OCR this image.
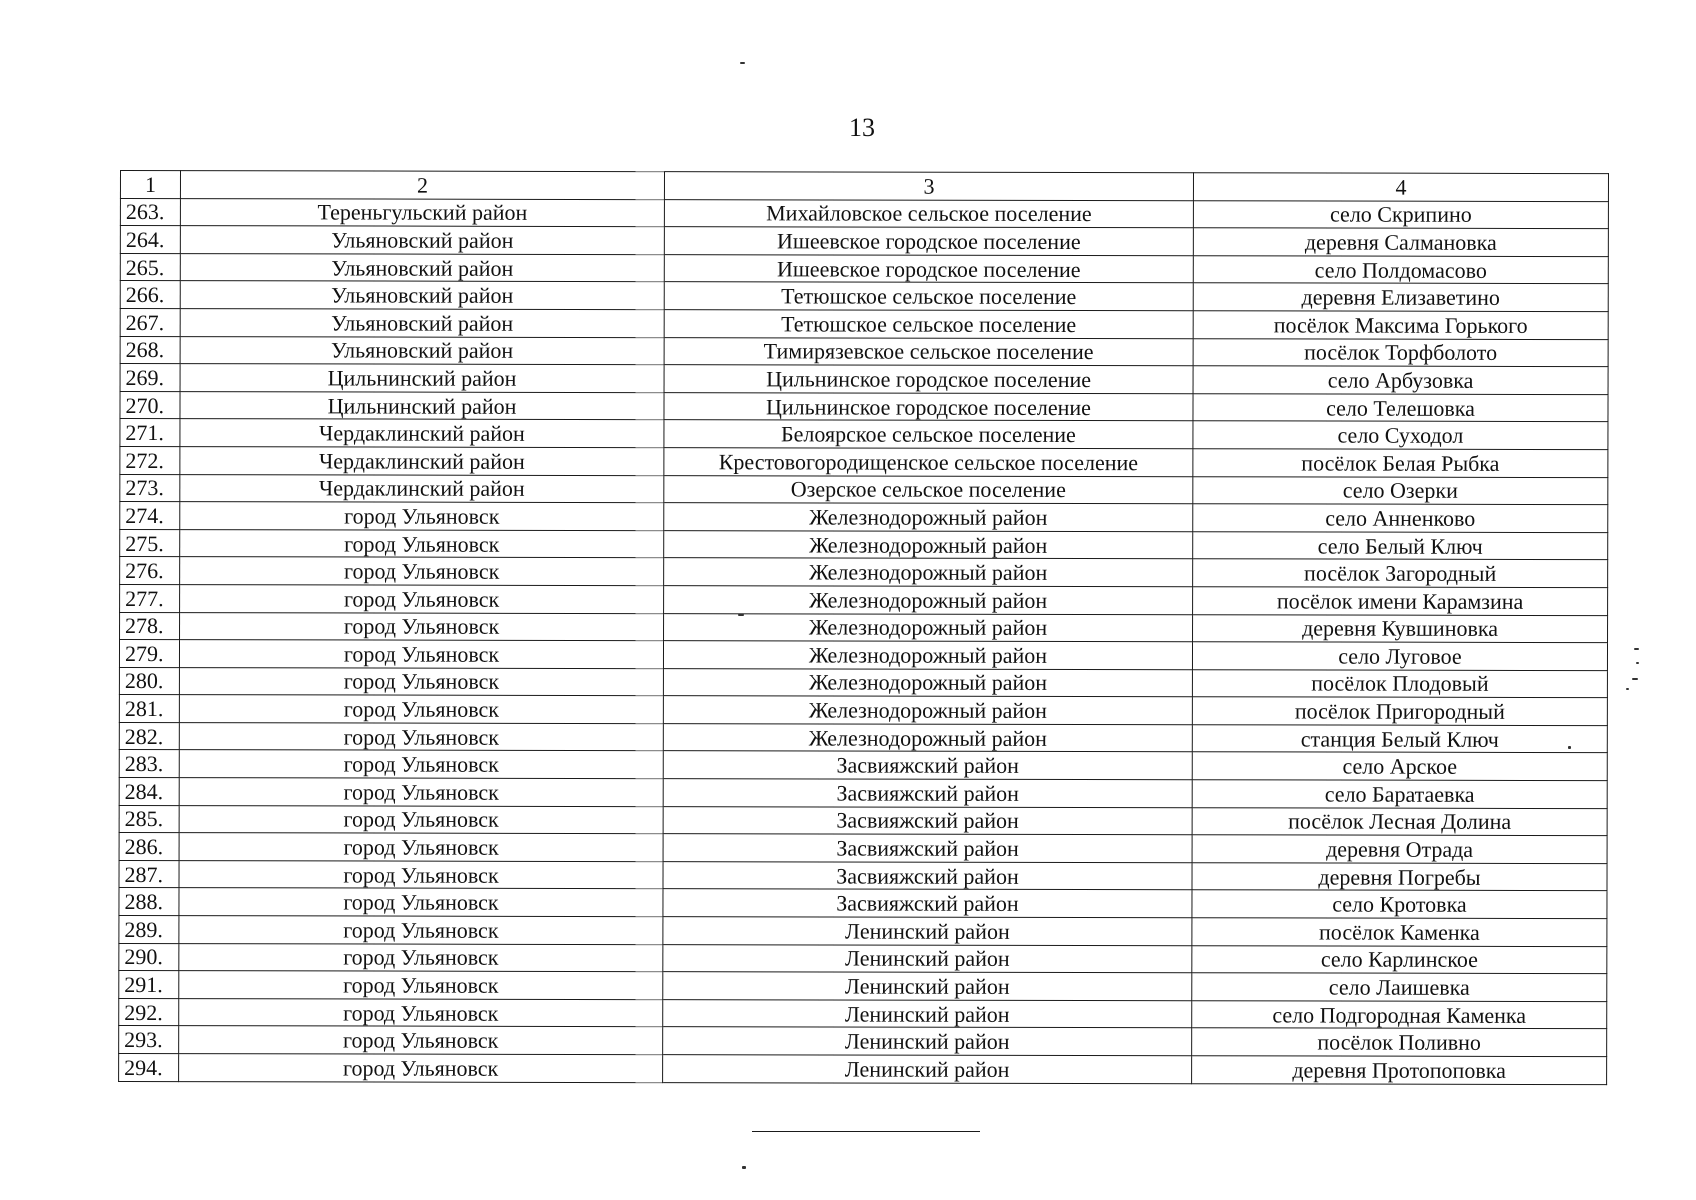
13
1	2	3	4
263.	Тереньгульский район	Михайловское сельское поселение	село Скрипино
264.	Ульяновский район	Ишеевское городское поселение	деревня Салмановка
265.	Ульяновский район	Ишеевское городское поселение	село Полдомасово
266.	Ульяновский район	Тетюшское сельское поселение	деревня Елизаветино
267.	Ульяновский район	Тетюшское сельское поселение	посёлок Максима Горького
268.	Ульяновский район	Тимирязевское сельское поселение	посёлок Торфболото
269.	Цильнинский район	Цильнинское городское поселение	село Арбузовка
270.	Цильнинский район	Цильнинское городское поселение	село Телешовка
271.	Чердаклинский район	Белоярское сельское поселение	село Суходол
272.	Чердаклинский район	Крестовогородищенское сельское поселение	посёлок Белая Рыбка
273.	Чердаклинский район	Озерское сельское поселение	село Озерки
274.	город Ульяновск	Железнодорожный район	село Анненково
275.	город Ульяновск	Железнодорожный район	село Белый Ключ
276.	город Ульяновск	Железнодорожный район	посёлок Загородный
277.	город Ульяновск	Железнодорожный район	посёлок имени Карамзина
278.	город Ульяновск	Железнодорожный район	деревня Кувшиновка
279.	город Ульяновск	Железнодорожный район	село Луговое
280.	город Ульяновск	Железнодорожный район	посёлок Плодовый
281.	город Ульяновск	Железнодорожный район	посёлок Пригородный
282.	город Ульяновск	Железнодорожный район	станция Белый Ключ
283.	город Ульяновск	Засвияжский район	село Арское
284.	город Ульяновск	Засвияжский район	село Баратаевка
285.	город Ульяновск	Засвияжский район	посёлок Лесная Долина
286.	город Ульяновск	Засвияжский район	деревня Отрада
287.	город Ульяновск	Засвияжский район	деревня Погребы
288.	город Ульяновск	Засвияжский район	село Кротовка
289.	город Ульяновск	Ленинский район	посёлок Каменка
290.	город Ульяновск	Ленинский район	село Карлинское
291.	город Ульяновск	Ленинский район	село Лаишевка
292.	город Ульяновск	Ленинский район	село Подгородная Каменка
293.	город Ульяновск	Ленинский район	посёлок Поливно
294.	город Ульяновск	Ленинский район	деревня Протопоповка
